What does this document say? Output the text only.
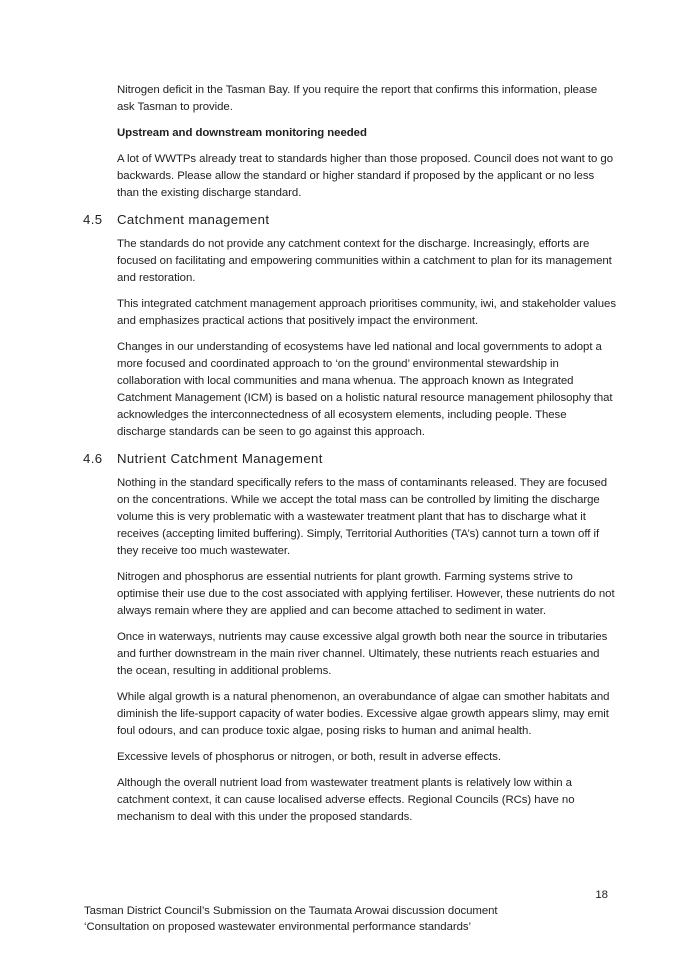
Nitrogen deficit in the Tasman Bay. If you require the report that confirms this information, please ask Tasman to provide.

Upstream and downstream monitoring needed

A lot of WWTPs already treat to standards higher than those proposed. Council does not want to go backwards. Please allow the standard or higher standard if proposed by the applicant or no less than the existing discharge standard.

4.5	Catchment management

The standards do not provide any catchment context for the discharge. Increasingly, efforts are focused on facilitating and empowering communities within a catchment to plan for its management and restoration.

This integrated catchment management approach prioritises community, iwi, and stakeholder values and emphasizes practical actions that positively impact the environment.

Changes in our understanding of ecosystems have led national and local governments to adopt a more focused and coordinated approach to ‘on the ground’ environmental stewardship in collaboration with local communities and mana whenua. The approach known as Integrated Catchment Management (ICM) is based on a holistic natural resource management philosophy that acknowledges the interconnectedness of all ecosystem elements, including people. These discharge standards can be seen to go against this approach.

4.6	Nutrient Catchment Management

Nothing in the standard specifically refers to the mass of contaminants released. They are focused on the concentrations. While we accept the total mass can be controlled by limiting the discharge volume this is very problematic with a wastewater treatment plant that has to discharge what it receives (accepting limited buffering). Simply, Territorial Authorities (TA’s) cannot turn a town off if they receive too much wastewater.

Nitrogen and phosphorus are essential nutrients for plant growth. Farming systems strive to optimise their use due to the cost associated with applying fertiliser. However, these nutrients do not always remain where they are applied and can become attached to sediment in water.

Once in waterways, nutrients may cause excessive algal growth both near the source in tributaries and further downstream in the main river channel. Ultimately, these nutrients reach estuaries and the ocean, resulting in additional problems.

While algal growth is a natural phenomenon, an overabundance of algae can smother habitats and diminish the life-support capacity of water bodies. Excessive algae growth appears slimy, may emit foul odours, and can produce toxic algae, posing risks to human and animal health.

Excessive levels of phosphorus or nitrogen, or both, result in adverse effects.

Although the overall nutrient load from wastewater treatment plants is relatively low within a catchment context, it can cause localised adverse effects. Regional Councils (RCs) have no mechanism to deal with this under the proposed standards.

18

Tasman District Council’s Submission on the Taumata Arowai discussion document

‘Consultation on proposed wastewater environmental performance standards’
